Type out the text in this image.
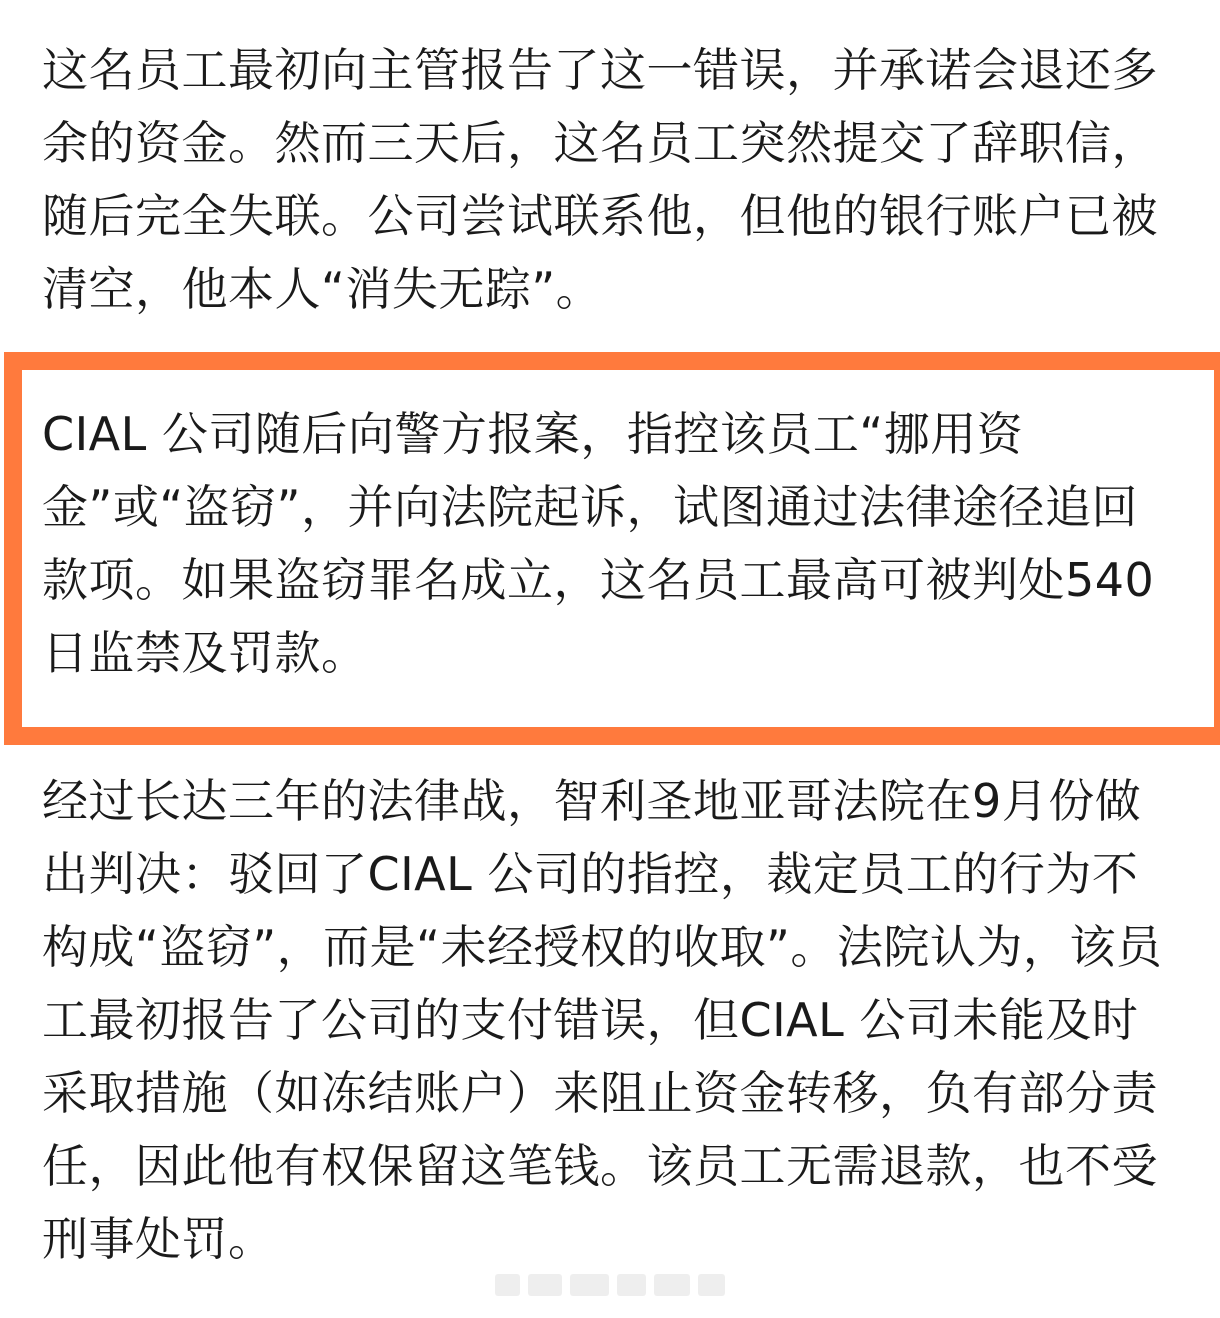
这名员工最初向主管报告了这一错误，并承诺会退还多余的资金。然而三天后，这名员工突然提交了辞职信，随后完全失联。公司尝试联系他，但他的银行账户已被清空，他本人“消失无踪”。

CIAL 公司随后向警方报案，指控该员工“挪用资金”或“盗窃”，并向法院起诉，试图通过法律途径追回款项。如果盗窃罪名成立，这名员工最高可被判处540日监禁及罚款。

经过长达三年的法律战，智利圣地亚哥法院在9月份做出判决：驳回了CIAL 公司的指控，裁定员工的行为不构成“盗窃”，而是“未经授权的收取”。法院认为，该员工最初报告了公司的支付错误，但CIAL 公司未能及时采取措施（如冻结账户）来阻止资金转移，负有部分责任，因此他有权保留这笔钱。该员工无需退款，也不受刑事处罚。
